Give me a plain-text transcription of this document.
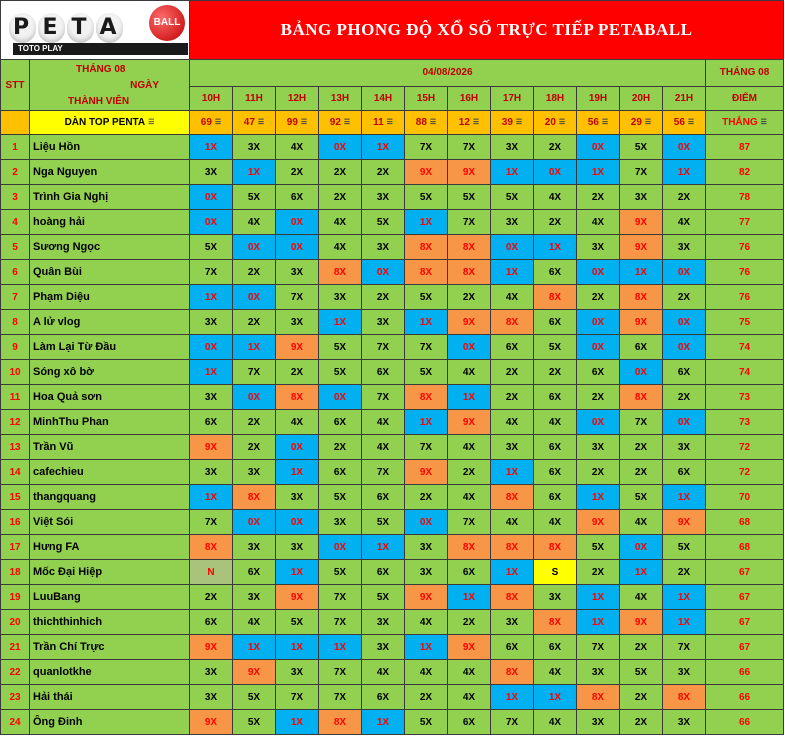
P E T A BALL
TOTO PLAY		BẢNG PHONG ĐỘ XỔ SỐ TRỰC TIẾP PETABALL												
STT	THÁNG 08
NGÀY
THÀNH VIÊN	04/08/2026												THÁNG 08
		10H	11H	12H	13H	14H	15H	16H	17H	18H	19H	20H	21H	ĐIỂM
	DÀN TOP PENTA ☰	69 ☰	47 ☰	99 ☰	92 ☰	11 ☰	88 ☰	12 ☰	39 ☰	20 ☰	56 ☰	29 ☰	56 ☰	THẮNG ☰
1	Liệu Hồn	1X	3X	4X	0X	1X	7X	7X	3X	2X	0X	5X	0X	87
2	Nga Nguyen	3X	1X	2X	2X	2X	9X	9X	1X	0X	1X	7X	1X	82
3	Trình Gia Nghị	0X	5X	6X	2X	3X	5X	5X	5X	4X	2X	3X	2X	78
4	hoàng hải	0X	4X	0X	4X	5X	1X	7X	3X	2X	4X	9X	4X	77
5	Sương Ngọc	5X	0X	0X	4X	3X	8X	8X	0X	1X	3X	9X	3X	76
6	Quân Bùi	7X	2X	3X	8X	0X	8X	8X	1X	6X	0X	1X	0X	76
7	Phạm Diệu	1X	0X	7X	3X	2X	5X	2X	4X	8X	2X	8X	2X	76
8	A lử vlog	3X	2X	3X	1X	3X	1X	9X	8X	6X	0X	9X	0X	75
9	Làm Lại Từ Đầu	0X	1X	9X	5X	7X	7X	0X	6X	5X	0X	6X	0X	74
10	Sóng xô bờ	1X	7X	2X	5X	6X	5X	4X	2X	2X	6X	0X	6X	74
11	Hoa Quả sơn	3X	0X	8X	0X	7X	8X	1X	2X	6X	2X	8X	2X	73
12	MinhThu Phan	6X	2X	4X	6X	4X	1X	9X	4X	4X	0X	7X	0X	73
13	Trần Vũ	9X	2X	0X	2X	4X	7X	4X	3X	6X	3X	2X	3X	72
14	cafechieu	3X	3X	1X	6X	7X	9X	2X	1X	6X	2X	2X	6X	72
15	thangquang	1X	8X	3X	5X	6X	2X	4X	8X	6X	1X	5X	1X	70
16	Việt Sói	7X	0X	0X	3X	5X	0X	7X	4X	4X	9X	4X	9X	68
17	Hưng FA	8X	3X	3X	0X	1X	3X	8X	8X	8X	5X	0X	5X	68
18	Mốc Đại Hiệp	N	6X	1X	5X	6X	3X	6X	1X	S	2X	1X	2X	67
19	LuuBang	2X	3X	9X	7X	5X	9X	1X	8X	3X	1X	4X	1X	67
20	thichthinhich	6X	4X	5X	7X	3X	4X	2X	3X	8X	1X	9X	1X	67
21	Trần Chí Trực	9X	1X	1X	1X	3X	1X	9X	6X	6X	7X	2X	7X	67
22	quanlotkhe	3X	9X	3X	7X	4X	4X	4X	8X	4X	3X	5X	3X	66
23	Hải thái	3X	5X	7X	7X	6X	2X	4X	1X	1X	8X	2X	8X	66
24	Ông Đinh	9X	5X	1X	8X	1X	5X	6X	7X	4X	3X	2X	3X	66
